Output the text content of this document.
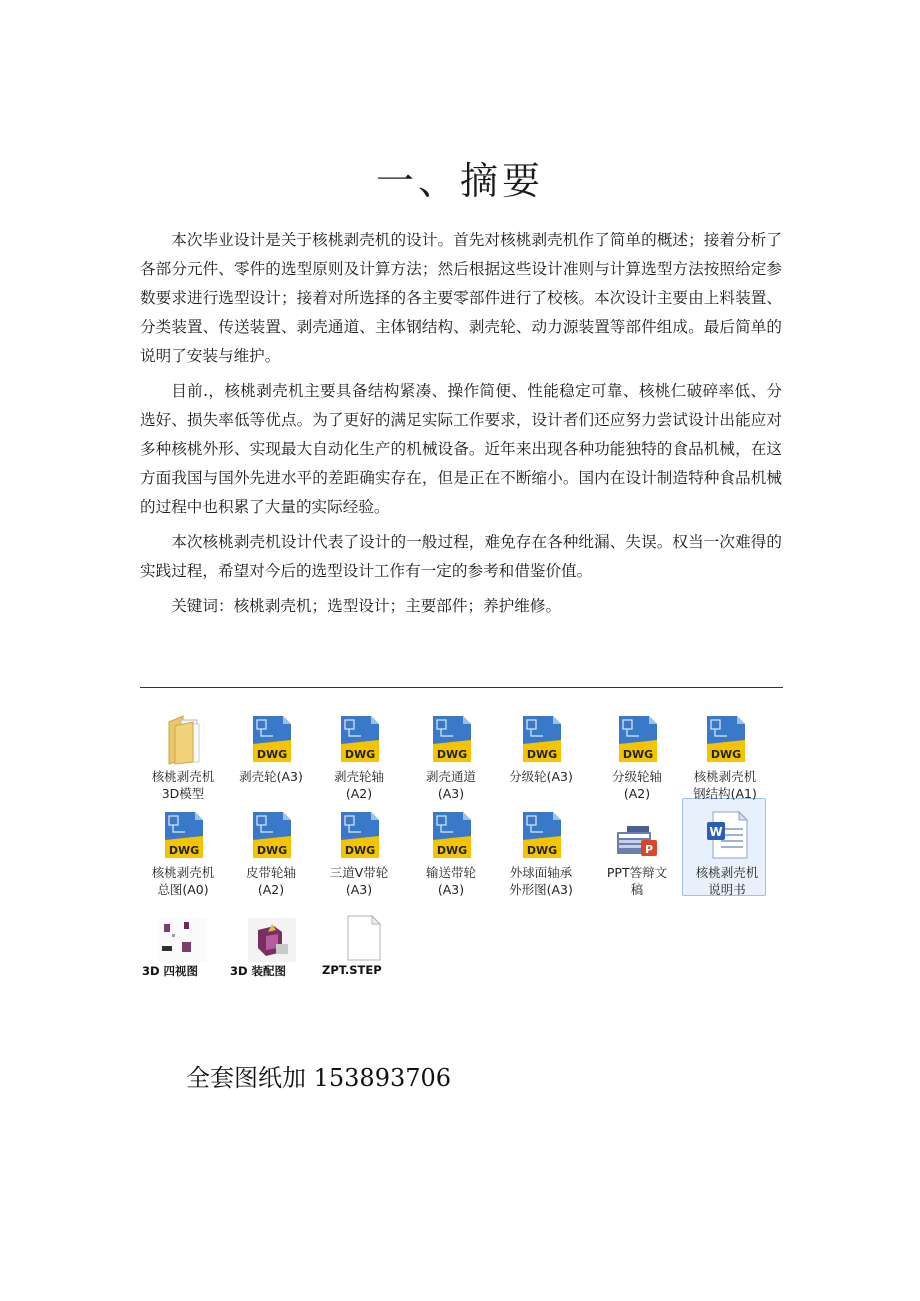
一、摘要

本次毕业设计是关于核桃剥壳机的设计。首先对核桃剥壳机作了简单的概述；接着分析了各部分元件、零件的选型原则及计算方法；然后根据这些设计准则与计算选型方法按照给定参数要求进行选型设计；接着对所选择的各主要零部件进行了校核。本次设计主要由上料装置、分类装置、传送装置、剥壳通道、主体钢结构、剥壳轮、动力源装置等部件组成。最后简单的说明了安装与维护。

目前.，核桃剥壳机主要具备结构紧凑、操作简便、性能稳定可靠、核桃仁破碎率低、分选好、损失率低等优点。为了更好的满足实际工作要求，设计者们还应努力尝试设计出能应对多种核桃外形、实现最大自动化生产的机械设备。近年来出现各种功能独特的食品机械，在这方面我国与国外先进水平的差距确实存在，但是正在不断缩小。国内在设计制造特种食品机械的过程中也积累了大量的实际经验。

本次核桃剥壳机设计代表了设计的一般过程，难免存在各种纰漏、失误。权当一次难得的实践过程，希望对今后的选型设计工作有一定的参考和借鉴价值。

关键词：核桃剥壳机；选型设计；主要部件；养护维修。

核桃剥壳机
3D模型
DWG
剥壳轮(A3)
DWG
剥壳轮轴
(A2)
DWG
剥壳通道
(A3)
DWG
分级轮(A3)
DWG
分级轮轴
(A2)
DWG
核桃剥壳机
钢结构(A1)
DWG
核桃剥壳机
总图(A0)
DWG
皮带轮轴
(A2)
DWG
三道V带轮
(A3)
DWG
输送带轮
(A3)
DWG
外球面轴承
外形图(A3)
P
PPT答辩文
稿
W
核桃剥壳机
说明书
3D 四视图	3D 装配图	ZPT.STEP
全套图纸加 153893706
